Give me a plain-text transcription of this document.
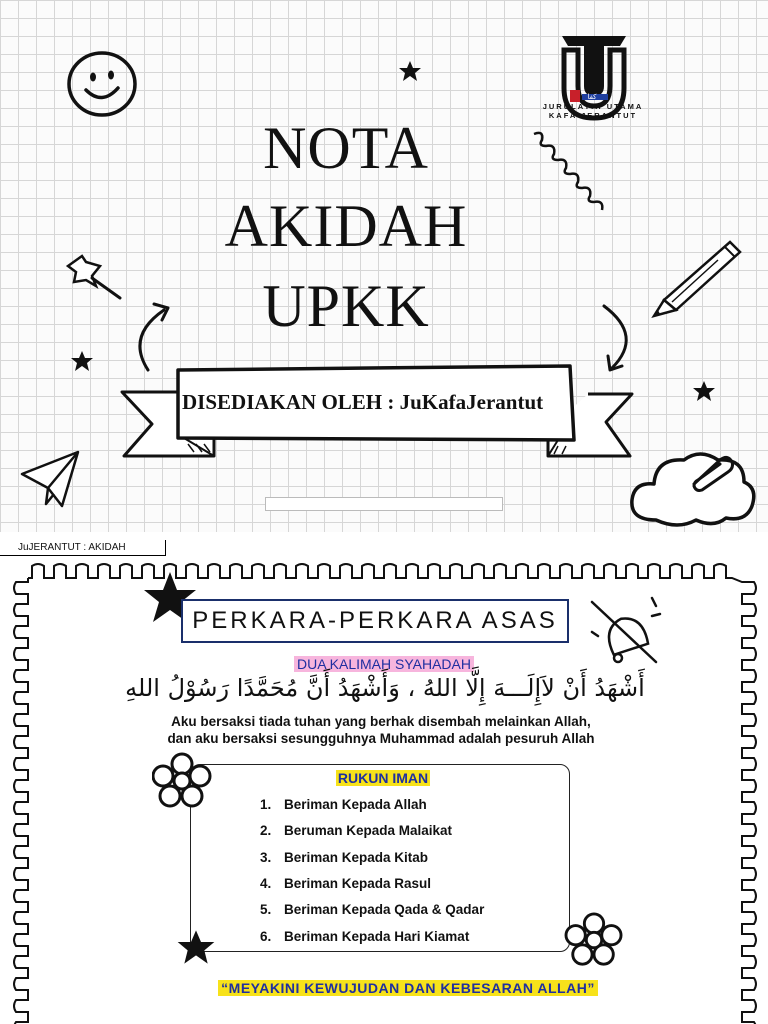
کفا
JURULATIH UTAMA
KAFA JERANTUT
DISEDIAKAN OLEH : JuKafaJerantut
NOTA
AKIDAH
UPKK
JuJERANTUT : AKIDAH
PERKARA-PERKARA ASAS
DUA KALIMAH SYAHADAH
أَشْهَدُ أَنْ لاَإِلَـــهَ إِلَّا اللهُ ، وَأَشْهَدُ أَنَّ مُحَمَّدًا رَسُوْلُ اللهِ
Aku bersaksi tiada tuhan yang berhak disembah melainkan Allah,
dan aku bersaksi sesungguhnya Muhammad adalah pesuruh Allah
RUKUN IMAN
1. Beriman Kepada Allah
2. Beruman Kepada Malaikat
3. Beriman Kepada Kitab
4. Beriman Kepada Rasul
5. Beriman Kepada Qada & Qadar
6. Beriman Kepada Hari Kiamat
“MEYAKINI KEWUJUDAN DAN KEBESARAN ALLAH”
